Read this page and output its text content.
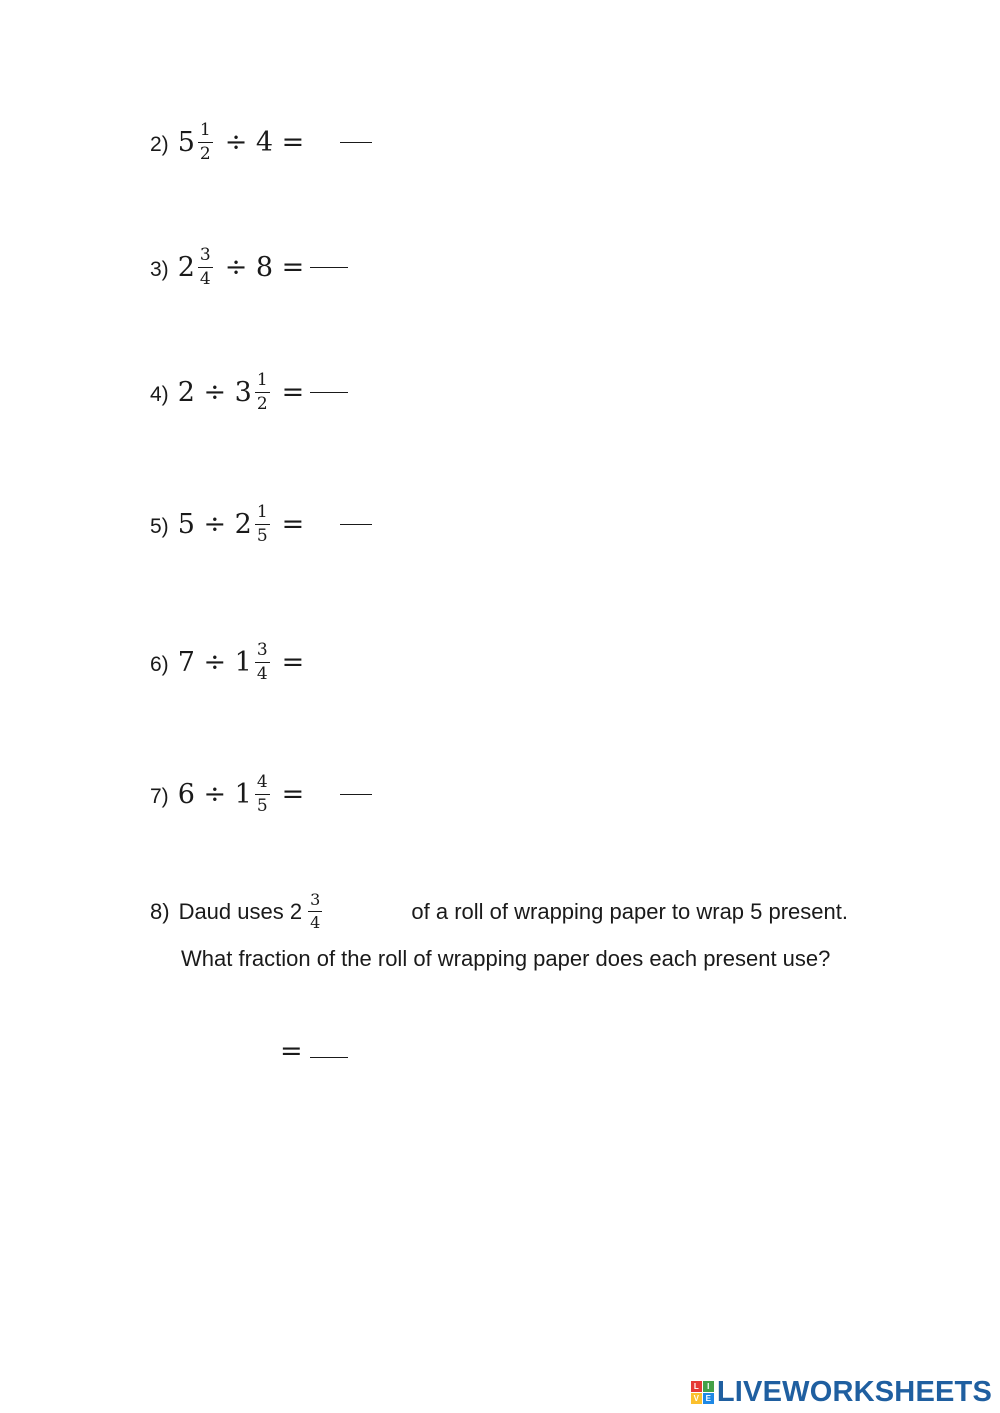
2) $5 \frac{1}{2} \div 4$ =
3) $2 \frac{3}{4} \div 8$ =
4) $2 \div 3 \frac{1}{2}$ =
5) $5 \div 2 \frac{1}{5}$ =
6) $7 \div 1 \frac{3}{4}$ =
7) $6 \div 1 \frac{4}{5}$ =
8) Daud uses $2 \frac{3}{4}$	of a roll of wrapping paper to wrap 5 present.
What fraction of the roll of wrapping paper does each present use?
=
L	I
V E LIVEWORKSHEETS
